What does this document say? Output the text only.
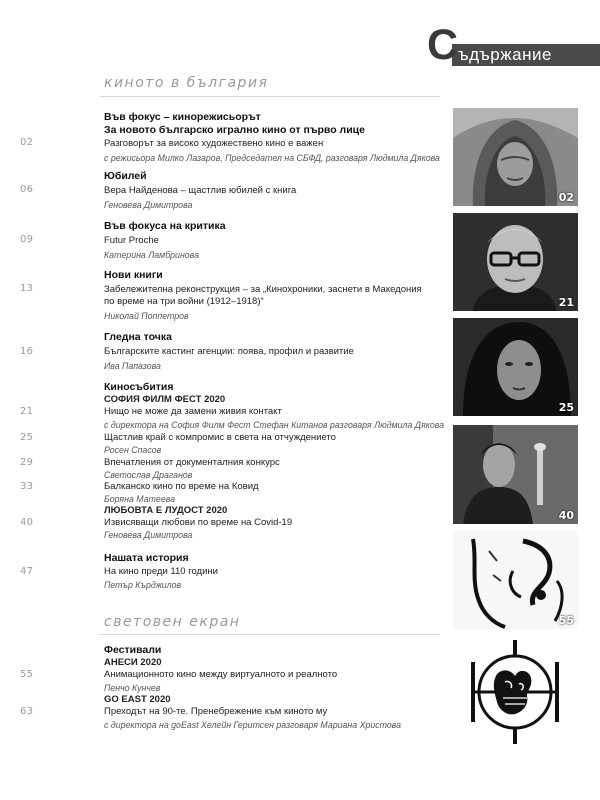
С ъдържание
киното в българия
02
Във фокус – кинорежисьорът
За новото българско игрално кино от първо лице
Разговорът за високо художествено кино е важен
с режисьора Милко Лазаров, Председател на СБФД, разговаря Людмила Дякова
06
Юбилей
Вера Найденова – щастлив юбилей с книга
Геновева Димитрова
09
Във фокуса на критика
Futur Proche
Катерина Ламбринова
13
Нови книги
Забележителна реконструкция – за „Кинохроники, заснети в Македония
по време на три войни (1912–1918)“
Николай Поппетров
16
Гледна точка
Българските кастинг агенции: поява, профил и развитие
Ива Папазова
Киносъбития
СОФИЯ ФИЛМ ФЕСТ 2020
21	Нищо не може да замени живия контакт
с директора на София Филм Фест Стефан Китанов разговаря Людмила Дякова
25	Щастлив край с компромис в света на отчуждението
Росен Спасов
29	Впечатления от документалния конкурс
Светослав Драганов
33	Балканско кино по време на Ковид
Боряна Матеева
ЛЮБОВТА Е ЛУДОСТ 2020
40	Извисяващи любови по време на Covid-19
Геновева Димитрова
47
Нашата история
На кино преди 110 години
Петър Кърджилов
световен екран
Фестивали
АНЕСИ 2020
55	Анимационното кино между виртуалното и реалното
Пенчо Кунчев
GO EAST 2020
63	Преходът на 90-те. Пренебрежение към киното му
с директора на goEast Хелейн Геритсен разговаря Мариана Христова
02
21
25
40
55
